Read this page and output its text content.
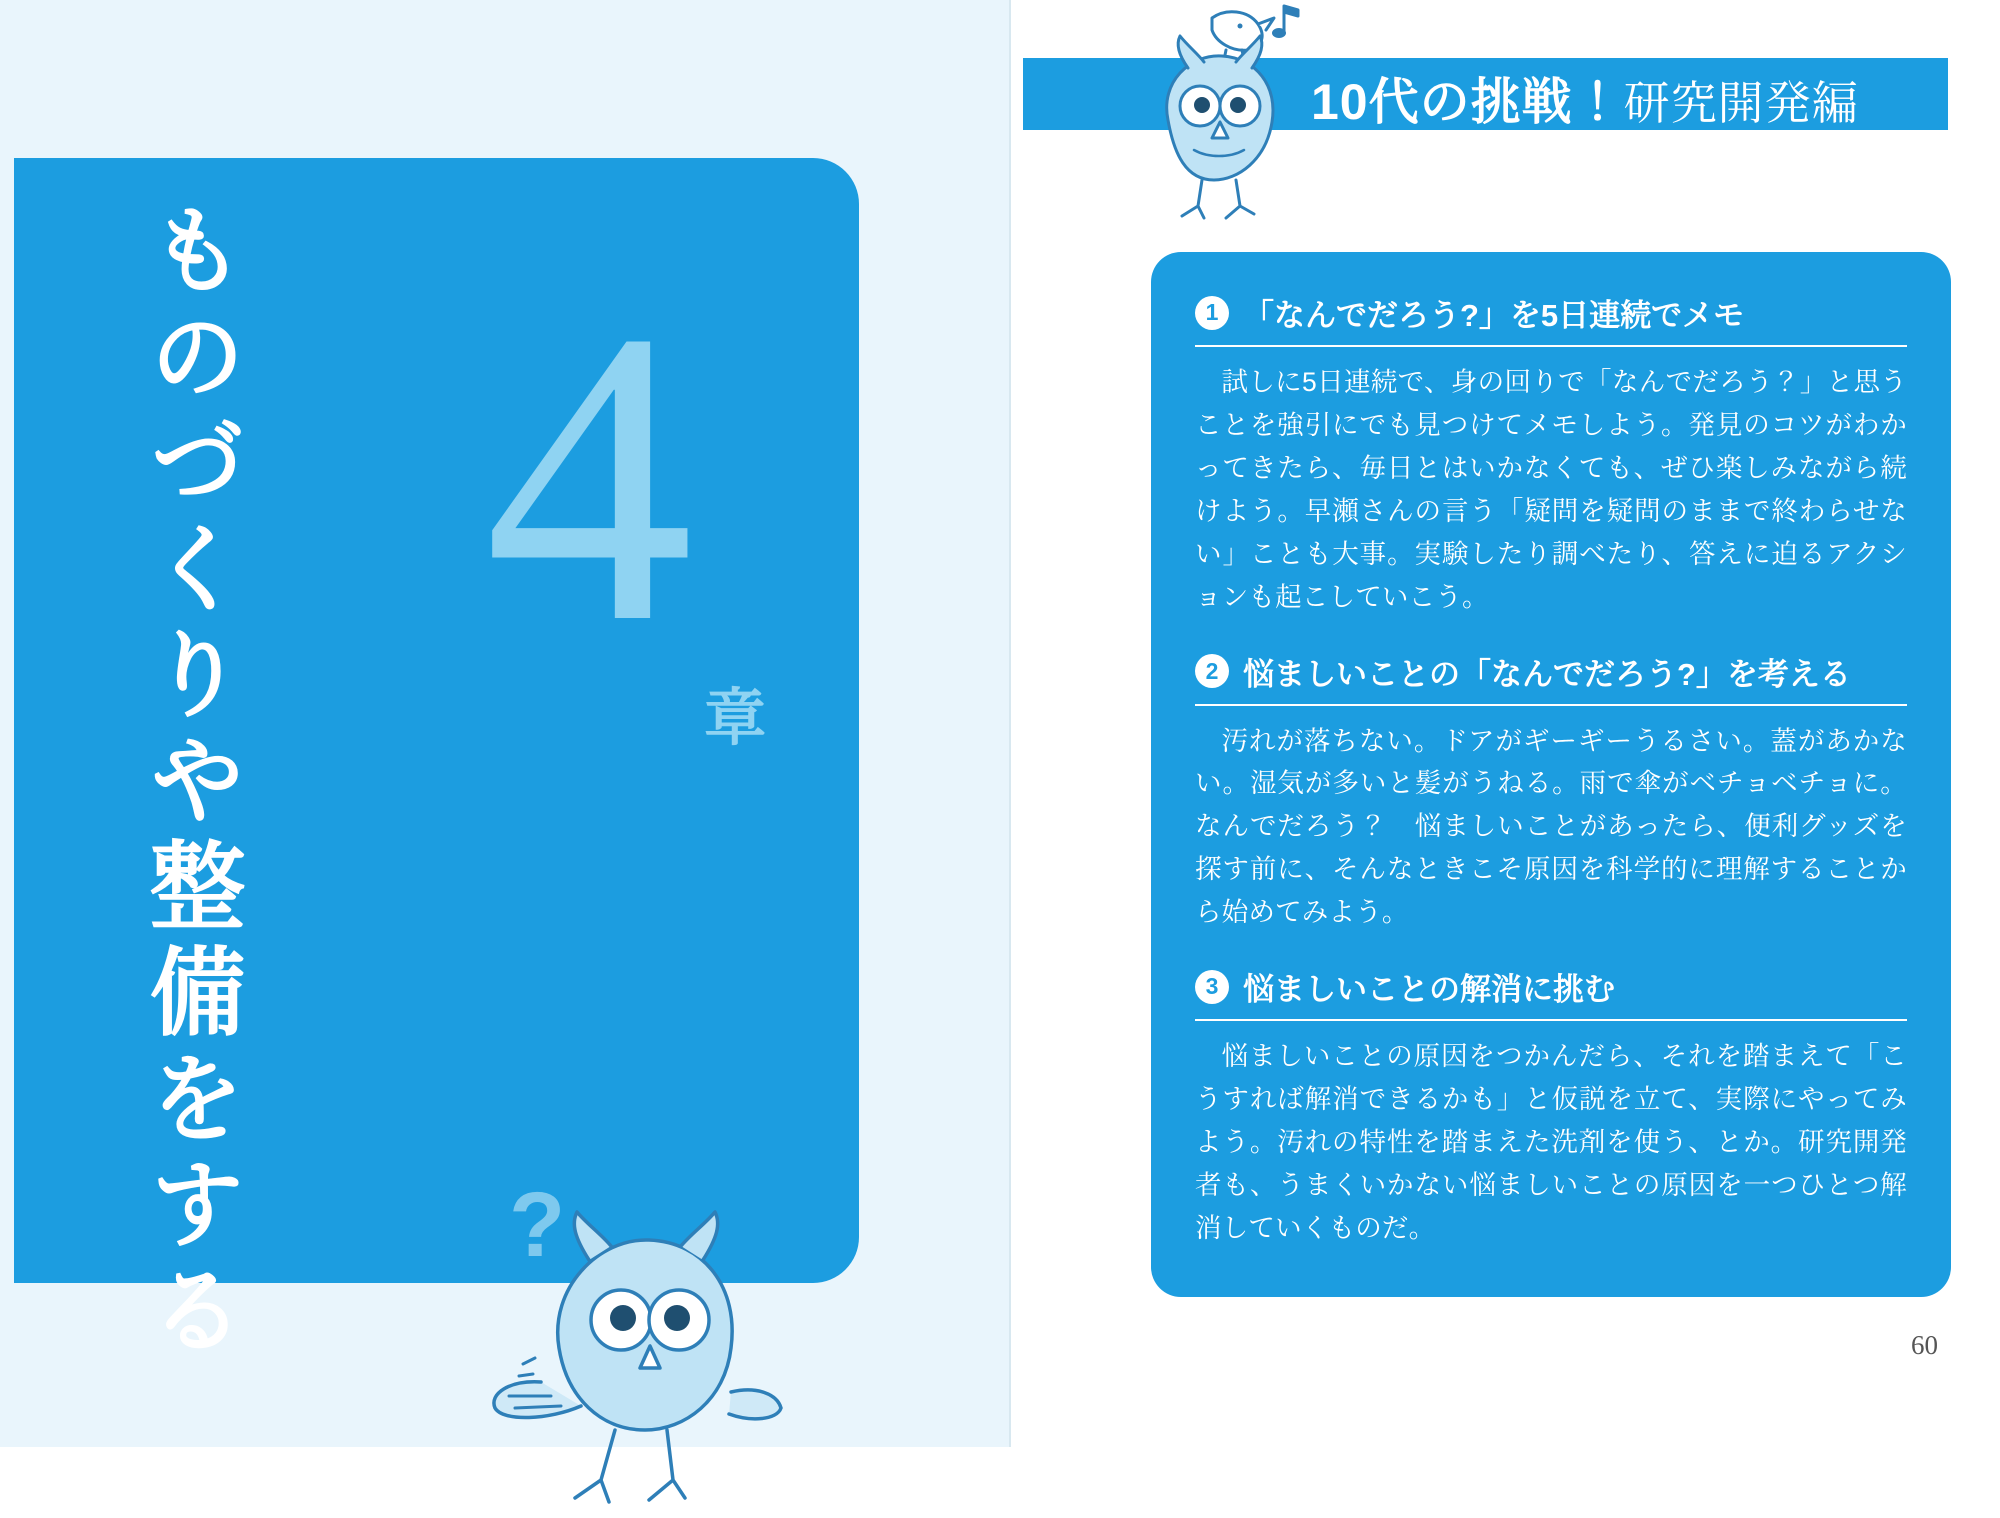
4
章
ものづくりや整備をする	?
10代の挑戦！研究開発編
1 「なんでだろう?」を5日連続でメモ

試しに5日連続で、身の回りで「なんでだろう？」と思うことを強引にでも見つけてメモしよう。発見のコツがわかってきたら、毎日とはいかなくても、ぜひ楽しみながら続けよう。早瀬さんの言う「疑問を疑問のままで終わらせない」ことも大事。実験したり調べたり、答えに迫るアクションも起こしていこう。

2 悩ましいことの「なんでだろう?」を考える

汚れが落ちない。ドアがギーギーうるさい。蓋があかない。湿気が多いと髪がうねる。雨で傘がベチョベチョに。なんでだろう？　悩ましいことがあったら、便利グッズを探す前に、そんなときこそ原因を科学的に理解することから始めてみよう。

3 悩ましいことの解消に挑む

悩ましいことの原因をつかんだら、それを踏まえて「こうすれば解消できるかも」と仮説を立て、実際にやってみよう。汚れの特性を踏まえた洗剤を使う、とか。研究開発者も、うまくいかない悩ましいことの原因を一つひとつ解消していくものだ。

60
